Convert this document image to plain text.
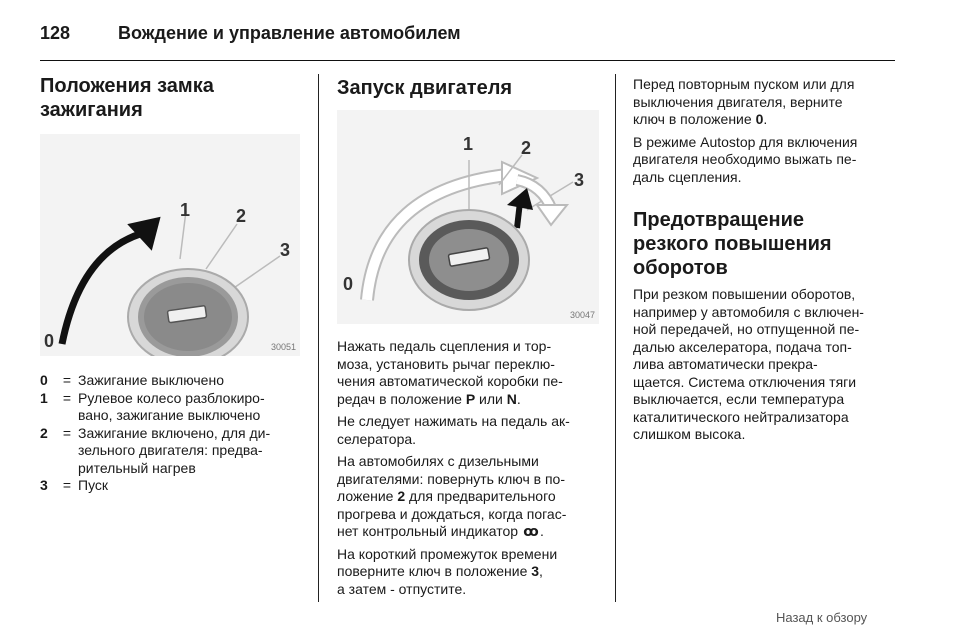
128	Вождение и управление автомобилем
Положения замка
зажигания
1	2
3
0	30051
0	= Зажигание выключено
1	= Рулевое колесо разблокиро-
вано, зажигание выключено
2	= Зажигание включено, для ди-
зельного двигателя: предва-
рительный нагрев
3	= Пуск
Запуск двигателя
1	2
3
0
30047

Нажать педаль сцепления и тор-
моза, установить рычаг переклю-
чения автоматической коробки пе-
редач в положение P или N.

Не следует нажимать на педаль ак-
селератора.

На автомобилях с дизельными
двигателями: повернуть ключ в по-
ложение 2 для предварительного
прогрева и дождаться, когда погас-
нет контрольный индикатор ꝏ.

На короткий промежуток времени
поверните ключ в положение 3,
а затем - отпустите.

Перед повторным пуском или для
выключения двигателя, верните
ключ в положение 0.

В режиме Autostop для включения
двигателя необходимо выжать пе-
даль сцепления.

Предотвращение
резкого повышения
оборотов

При резком повышении оборотов,
например у автомобиля с включен-
ной передачей, но отпущенной пе-
далью акселератора, подача топ-
лива автоматически прекра-
щается. Система отключения тяги
выключается, если температура
каталитического нейтрализатора
слишком высока.

Назад к обзору
